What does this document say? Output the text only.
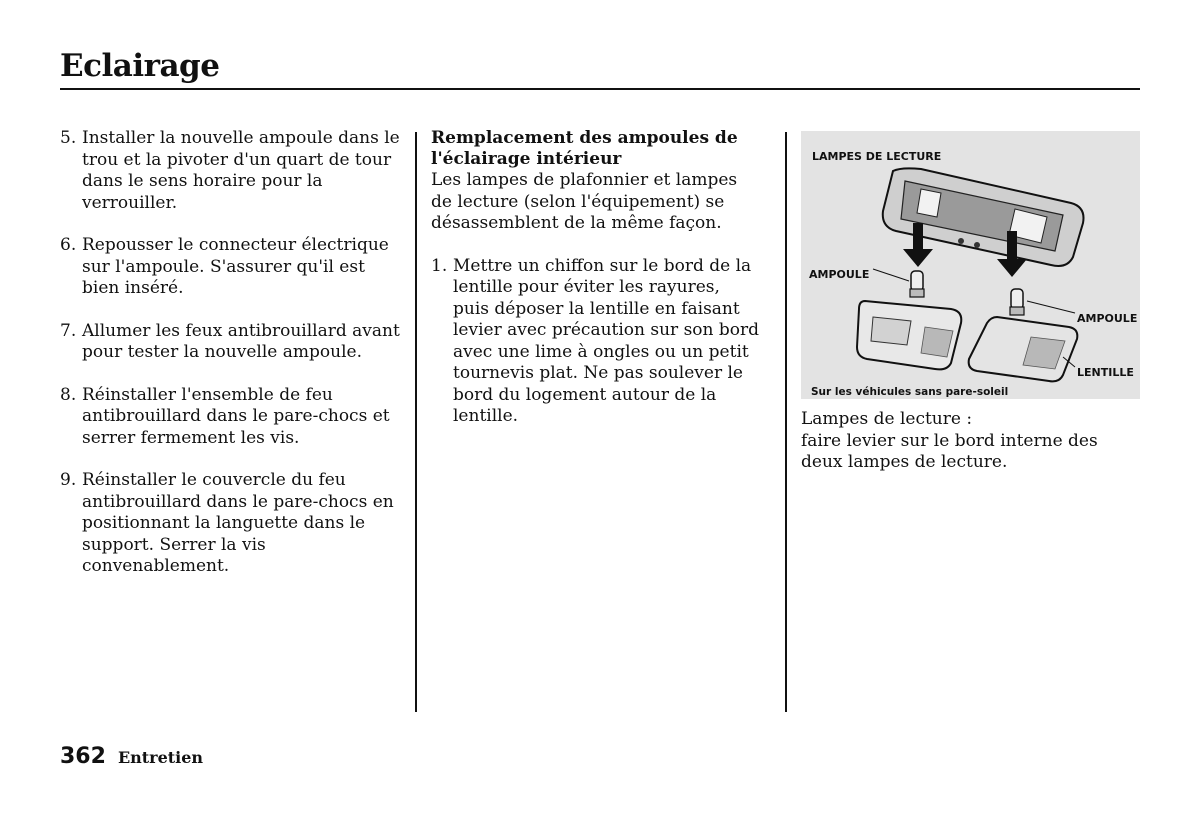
Eclairage
5. Installer la nouvelle ampoule dans le trou et la pivoter d'un quart de tour dans le sens horaire pour la verrouiller.
6. Repousser le connecteur électrique sur l'ampoule. S'assurer qu'il est bien inséré.
7. Allumer les feux antibrouillard avant pour tester la nouvelle ampoule.
8. Réinstaller l'ensemble de feu antibrouillard dans le pare-chocs et serrer fermement les vis.
9. Réinstaller le couvercle du feu antibrouillard dans le pare-chocs en positionnant la languette dans le support. Serrer la vis convenablement.
Remplacement des ampoules de l'éclairage intérieur
Les lampes de plafonnier et lampes de lecture (selon l'équipement) se désassemblent de la même façon.
1. Mettre un chiffon sur le bord de la lentille pour éviter les rayures, puis déposer la lentille en faisant levier avec précaution sur son bord avec une lime à ongles ou un petit tournevis plat. Ne pas soulever le bord du logement autour de la lentille.
LAMPES DE LECTURE
AMPOULE
AMPOULE
LENTILLE
Sur les véhicules sans pare-soleil
Lampes de lecture :
faire levier sur le bord interne des deux lampes de lecture.
362 Entretien
